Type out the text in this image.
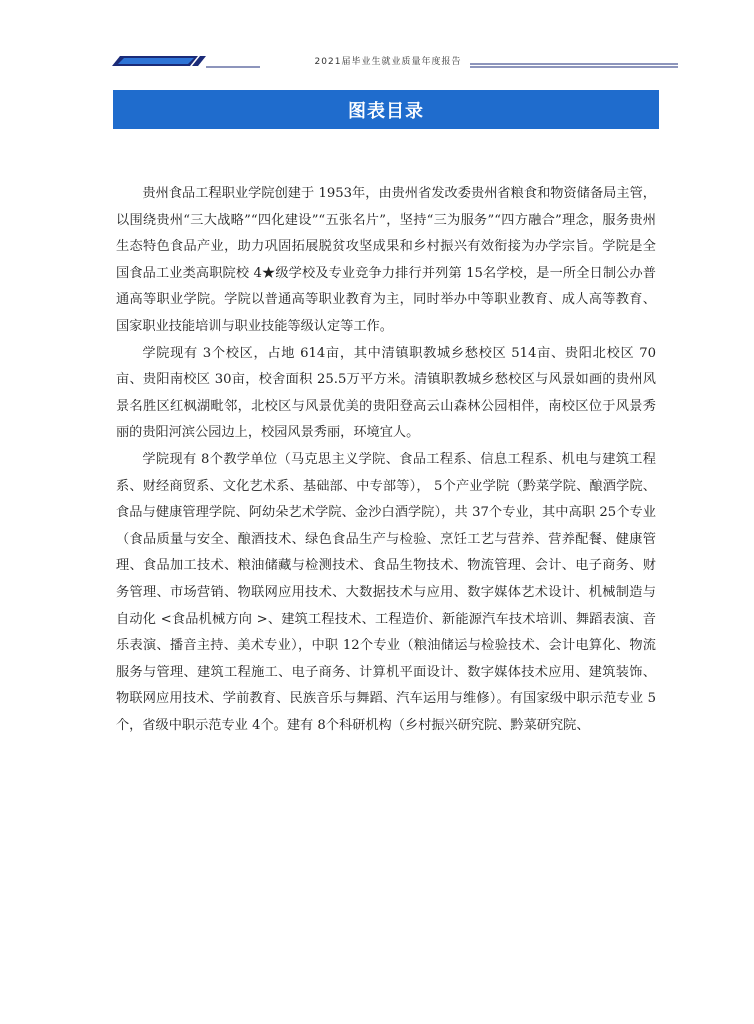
2021届毕业生就业质量年度报告
图表目录

贵州食品工程职业学院创建于 1953年，由贵州省发改委贵州省粮食和物资储备局主管，以围绕贵州“三大战略”“四化建设”“五张名片”，坚持“三为服务”“四方融合”理念，服务贵州生态特色食品产业，助力巩固拓展脱贫攻坚成果和乡村振兴有效衔接为办学宗旨。学院是全国食品工业类高职院校 4★级学校及专业竞争力排行并列第 15名学校，是一所全日制公办普通高等职业学院。学院以普通高等职业教育为主，同时举办中等职业教育、成人高等教育、国家职业技能培训与职业技能等级认定等工作。

学院现有 3个校区，占地 614亩，其中清镇职教城乡愁校区 514亩、贵阳北校区 70亩、贵阳南校区 30亩，校舍面积 25.5万平方米。清镇职教城乡愁校区与风景如画的贵州风景名胜区红枫湖毗邻，北校区与风景优美的贵阳登高云山森林公园相伴，南校区位于风景秀丽的贵阳河滨公园边上，校园风景秀丽，环境宜人。

学院现有 8个教学单位（马克思主义学院、食品工程系、信息工程系、机电与建筑工程系、财经商贸系、文化艺术系、基础部、中专部等）， 5个产业学院（黔菜学院、酿酒学院、食品与健康管理学院、阿幼朵艺术学院、金沙白酒学院），共 37个专业，其中高职 25个专业（食品质量与安全、酿酒技术、绿色食品生产与检验、烹饪工艺与营养、营养配餐、健康管理、食品加工技术、粮油储藏与检测技术、食品生物技术、物流管理、会计、电子商务、财务管理、市场营销、物联网应用技术、大数据技术与应用、数字媒体艺术设计、机械制造与自动化 <食品机械方向 >、建筑工程技术、工程造价、新能源汽车技术培训、舞蹈表演、音乐表演、播音主持、美术专业），中职 12个专业（粮油储运与检验技术、会计电算化、物流服务与管理、建筑工程施工、电子商务、计算机平面设计、数字媒体技术应用、建筑装饰、物联网应用技术、学前教育、民族音乐与舞蹈、汽车运用与维修）。有国家级中职示范专业 5个，省级中职示范专业 4个。建有 8个科研机构（乡村振兴研究院、黔菜研究院、
